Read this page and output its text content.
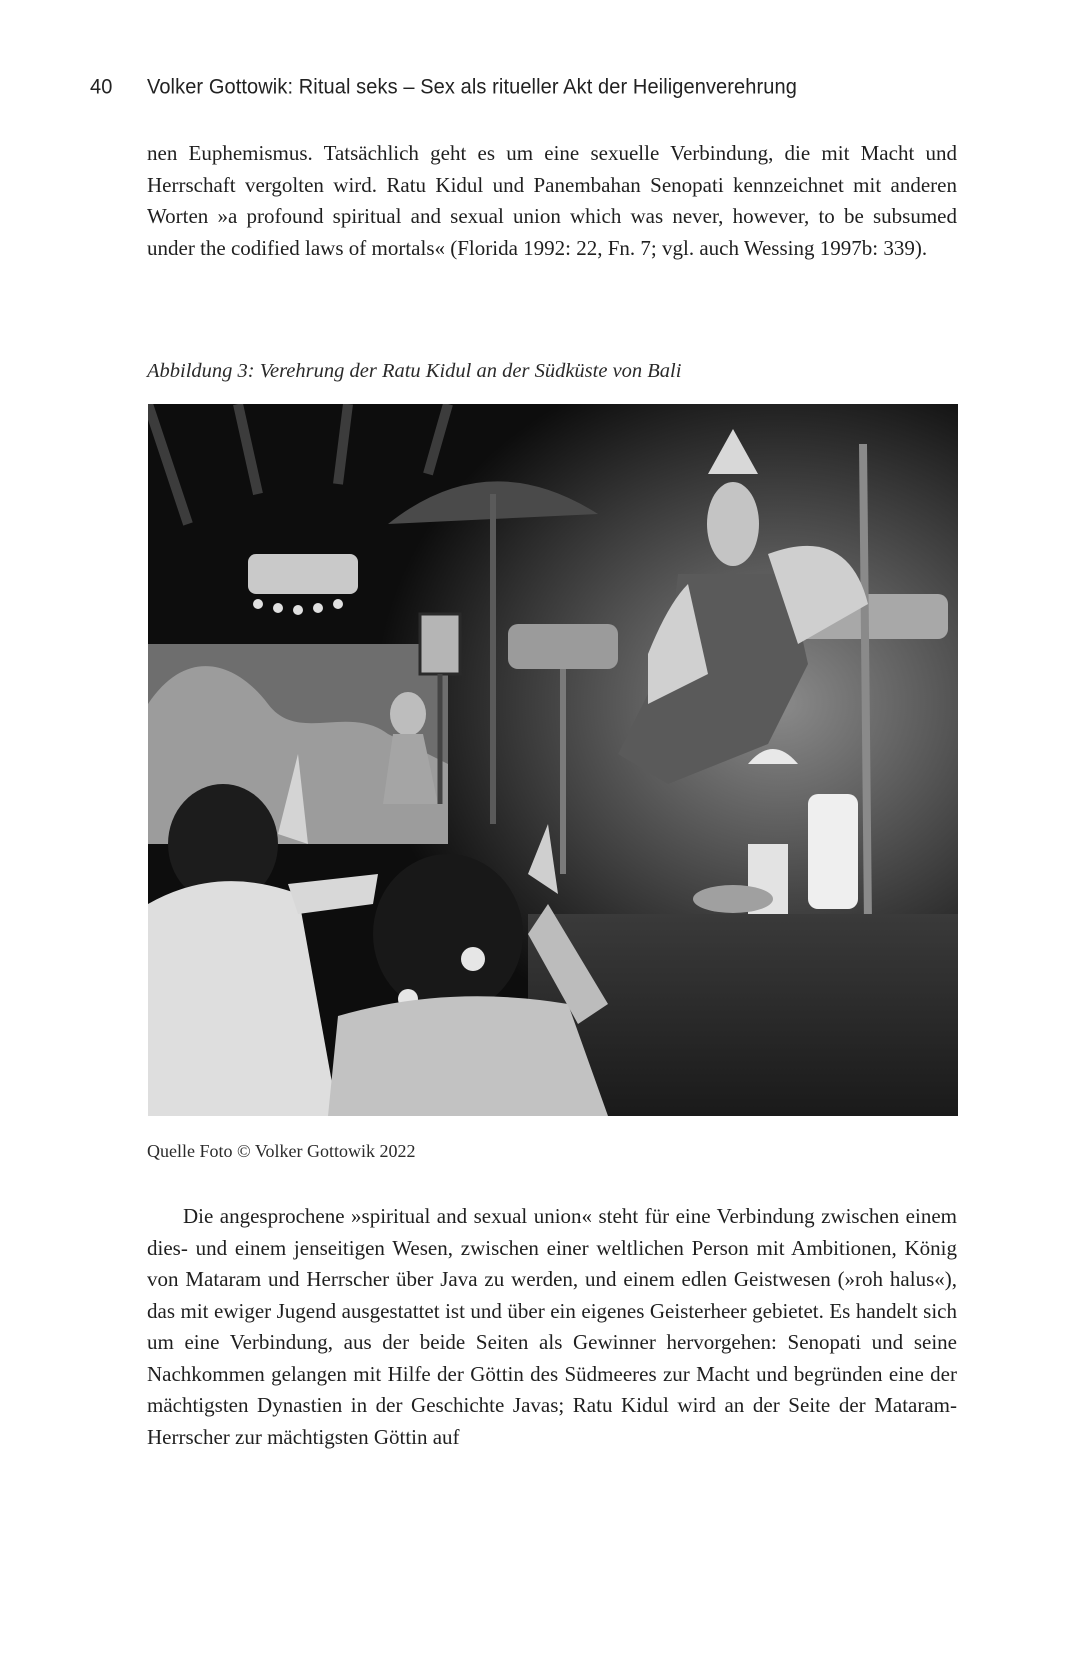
40 Volker Gottowik: Ritual seks – Sex als ritueller Akt der Heiligenverehrung

nen Euphemismus. Tatsächlich geht es um eine sexuelle Verbindung, die mit Macht und Herrschaft vergolten wird. Ratu Kidul und Panembahan Senopati kennzeichnet mit anderen Worten »a profound spiritual and sexual union which was never, however, to be subsumed under the codified laws of mortals« (Florida 1992: 22, Fn. 7; vgl. auch Wessing 1997b: 339).

Abbildung 3: Verehrung der Ratu Kidul an der Südküste von Bali
Quelle Foto © Volker Gottowik 2022

Die angesprochene »spiritual and sexual union« steht für eine Verbindung zwischen einem dies- und einem jenseitigen Wesen, zwischen einer weltlichen Person mit Ambitionen, König von Mataram und Herrscher über Java zu werden, und einem edlen Geistwesen (»roh halus«), das mit ewiger Jugend ausgestattet ist und über ein eigenes Geisterheer gebietet. Es handelt sich um eine Verbindung, aus der beide Seiten als Gewinner hervorgehen: Senopati und seine Nachkommen gelangen mit Hilfe der Göttin des Südmeeres zur Macht und begründen eine der mächtigsten Dynastien in der Geschichte Javas; Ratu Kidul wird an der Seite der Mataram-Herrscher zur mächtigsten Göttin auf
